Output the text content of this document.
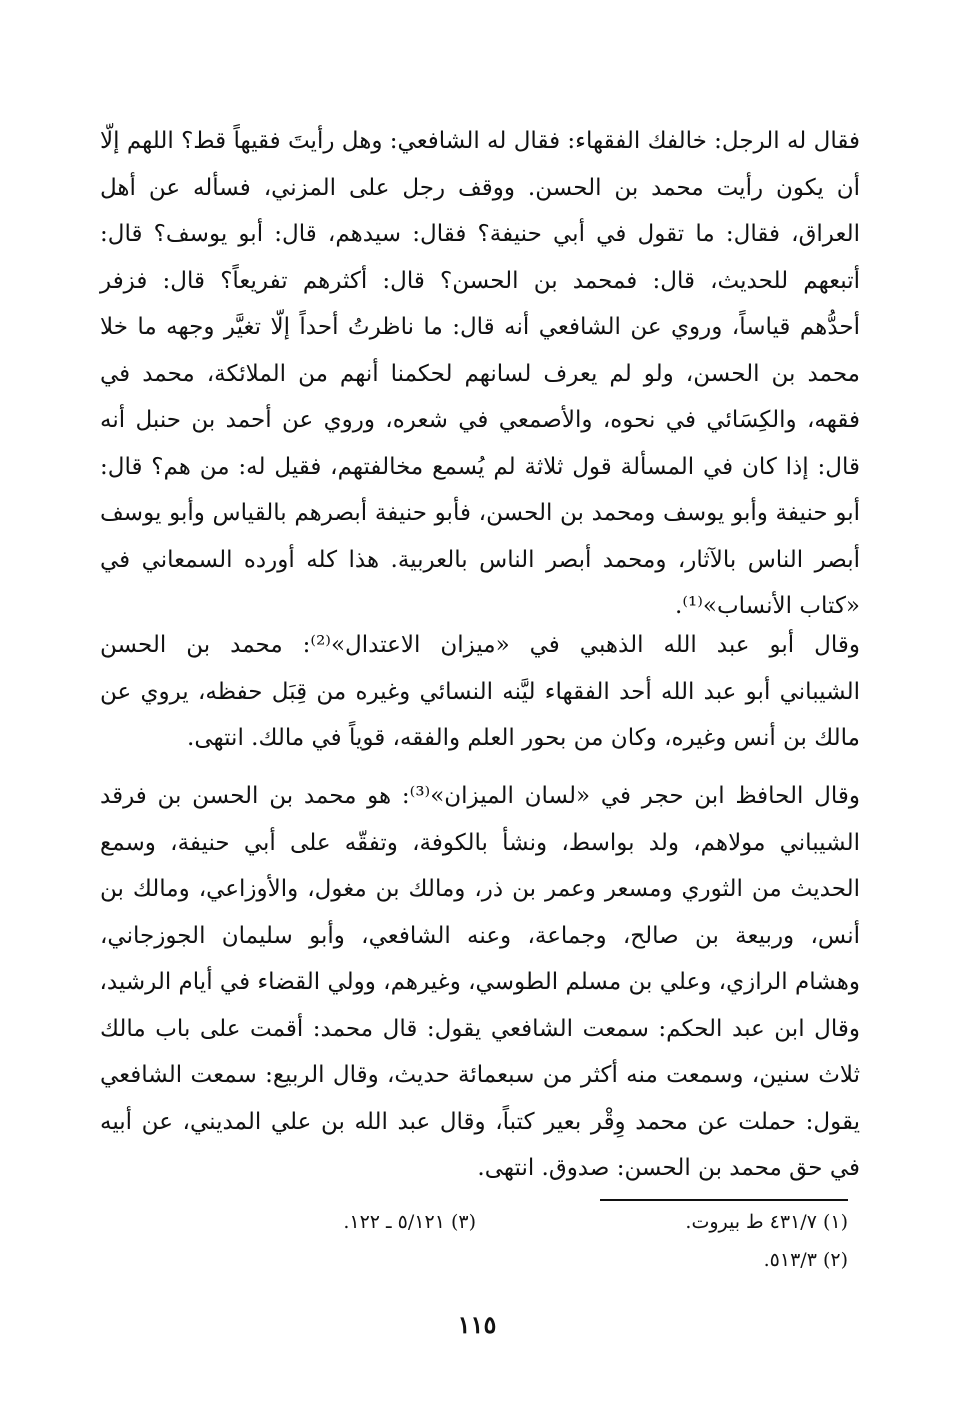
فقال له الرجل: خالفك الفقهاء: فقال له الشافعي: وهل رأيتَ فقيهاً قط؟ اللهم إلّا
أن يكون رأيت محمد بن الحسن. ووقف رجل على المزني، فسأله عن أهل
العراق، فقال: ما تقول في أبي حنيفة؟ فقال: سيدهم، قال: أبو يوسف؟ قال:
أتبعهم للحديث، قال: فمحمد بن الحسن؟ قال: أكثرهم تفريعاً؟ قال: فزفر
أحدُّهم قياساً، وروي عن الشافعي أنه قال: ما ناظرتُ أحداً إلّا تغيَّر وجهه ما خلا
محمد بن الحسن، ولو لم يعرف لسانهم لحكمنا أنهم من الملائكة، محمد في
فقهه، والكِسَائي في نحوه، والأصمعي في شعره، وروي عن أحمد بن حنبل أنه
قال: إذا كان في المسألة قول ثلاثة لم يُسمع مخالفتهم، فقيل له: من هم؟ قال:
أبو حنيفة وأبو يوسف ومحمد بن الحسن، فأبو حنيفة أبصرهم بالقياس وأبو يوسف
أبصر الناس بالآثار، ومحمد أبصر الناس بالعربية. هذا كله أورده السمعاني في
«كتاب الأنساب»⁽¹⁾.
وقال أبو عبد الله الذهبي في «ميزان الاعتدال»⁽²⁾: محمد بن الحسن
الشيباني أبو عبد الله أحد الفقهاء ليَّنه النسائي وغيره من قِبَل حفظه، يروي عن
مالك بن أنس وغيره، وكان من بحور العلم والفقه، قوياً في مالك. انتهى.
وقال الحافظ ابن حجر في «لسان الميزان»⁽³⁾: هو محمد بن الحسن بن فرقد
الشيباني مولاهم، ولد بواسط، ونشأ بالكوفة، وتفقّه على أبي حنيفة، وسمع
الحديث من الثوري ومسعر وعمر بن ذر، ومالك بن مغول، والأوزاعي، ومالك بن
أنس، وربيعة بن صالح، وجماعة، وعنه الشافعي، وأبو سليمان الجوزجاني،
وهشام الرازي، وعلي بن مسلم الطوسي، وغيرهم، وولي القضاء في أيام الرشيد،
وقال ابن عبد الحكم: سمعت الشافعي يقول: قال محمد: أقمت على باب مالك
ثلاث سنين، وسمعت منه أكثر من سبعمائة حديث، وقال الربيع: سمعت الشافعي
يقول: حملت عن محمد وِقْر بعير كتباً، وقال عبد الله بن علي المديني، عن أبيه
في حق محمد بن الحسن: صدوق. انتهى.
(١) ٤٣١/٧ ط بيروت.
(٢) ٥١٣/٣.
(٣) ٥/١٢١ ـ ١٢٢.
١١٥
